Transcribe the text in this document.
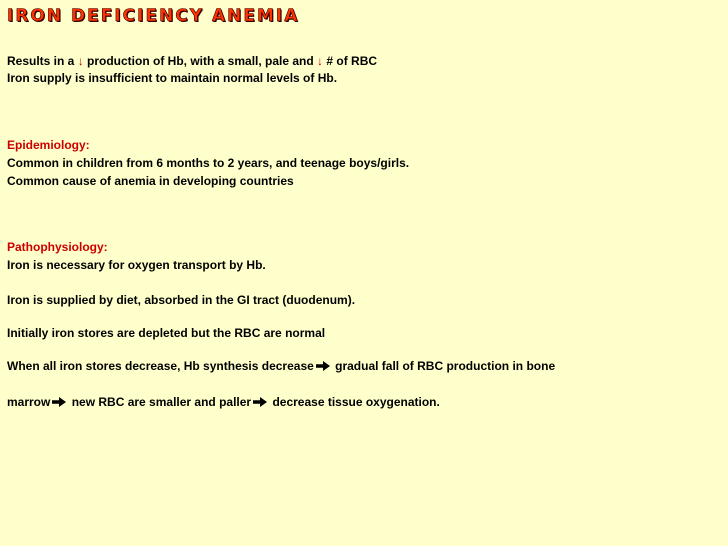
IRON DEFICIENCY ANEMIA
Results in a ↓ production of Hb, with a small, pale and ↓ # of RBC
Iron supply is insufficient to maintain normal levels of Hb.
Epidemiology:
Common in children from 6 months to 2 years, and teenage boys/girls.
Common cause of anemia in developing countries
Pathophysiology:
Iron is necessary for oxygen transport by Hb.
Iron is supplied by diet, absorbed in the GI tract (duodenum).
Initially iron stores are depleted but the RBC are normal
When all iron stores decrease, Hb synthesis decrease gradual fall of RBC production in bone
marrow new RBC are smaller and paller decrease tissue oxygenation.
